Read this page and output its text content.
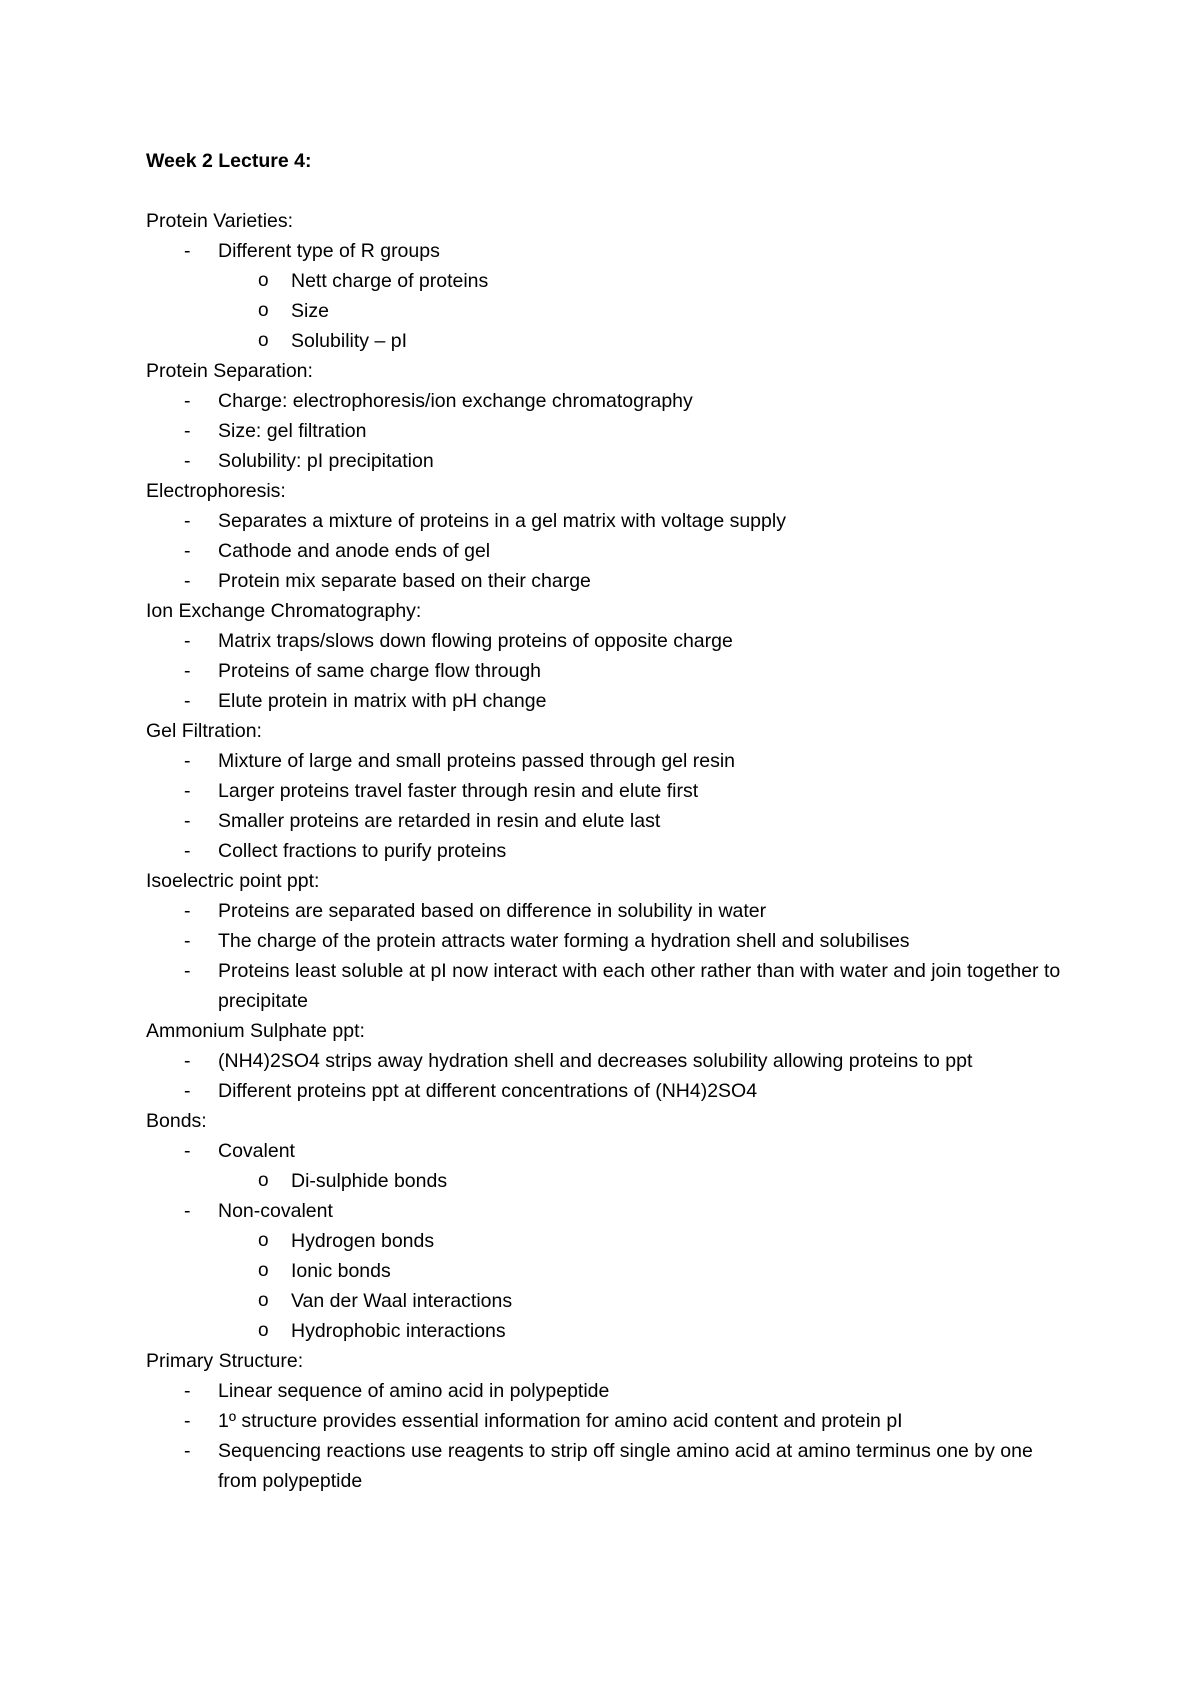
Week 2 Lecture 4:
Protein Varieties:
- Different type of R groups
o Nett charge of proteins
o Size
o Solubility – pI
Protein Separation:
- Charge: electrophoresis/ion exchange chromatography
- Size: gel filtration
- Solubility: pI precipitation
Electrophoresis:
- Separates a mixture of proteins in a gel matrix with voltage supply
- Cathode and anode ends of gel
- Protein mix separate based on their charge
Ion Exchange Chromatography:
- Matrix traps/slows down flowing proteins of opposite charge
- Proteins of same charge flow through
- Elute protein in matrix with pH change
Gel Filtration:
- Mixture of large and small proteins passed through gel resin
- Larger proteins travel faster through resin and elute first
- Smaller proteins are retarded in resin and elute last
- Collect fractions to purify proteins
Isoelectric point ppt:
- Proteins are separated based on difference in solubility in water
- The charge of the protein attracts water forming a hydration shell and solubilises
- Proteins least soluble at pI now interact with each other rather than with water and join together to precipitate
Ammonium Sulphate ppt:
- (NH4)2SO4 strips away hydration shell and decreases solubility allowing proteins to ppt
- Different proteins ppt at different concentrations of (NH4)2SO4
Bonds:
- Covalent
o Di-sulphide bonds
- Non-covalent
o Hydrogen bonds
o Ionic bonds
o Van der Waal interactions
o Hydrophobic interactions
Primary Structure:
- Linear sequence of amino acid in polypeptide
- 1º structure provides essential information for amino acid content and protein pI
- Sequencing reactions use reagents to strip off single amino acid at amino terminus one by one from polypeptide
